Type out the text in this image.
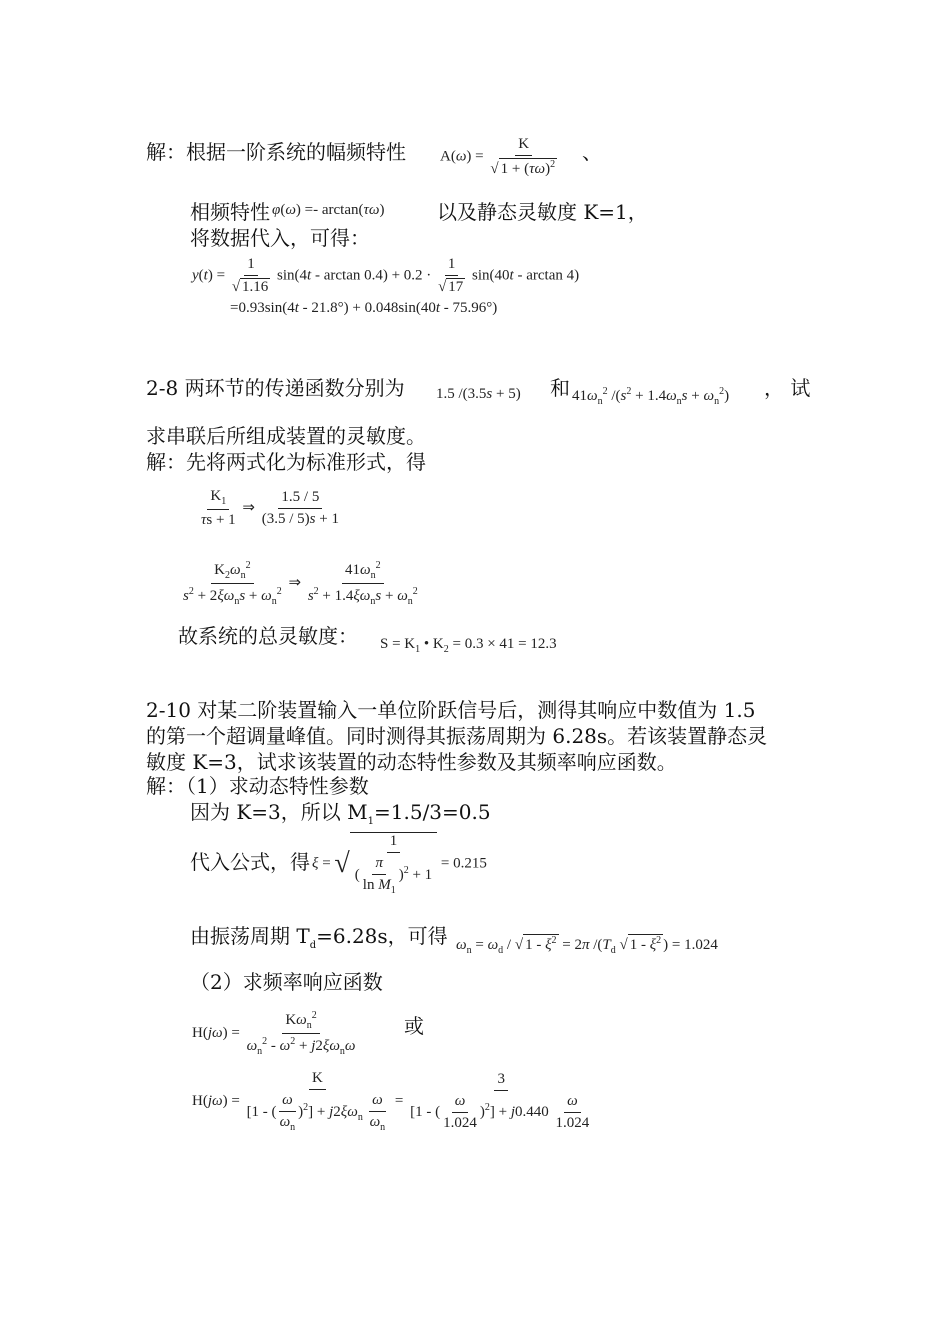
解：根据一阶系统的幅频特性 $A(\omega) = \frac{K}{√ 1 + (\tau\omega)^2}$ 、
相频特性 φ(ω) =- arctan(τω)	以及静态灵敏度 K=1，
将数据代入，可得：
$y(t) = \frac{1}{√ 1.16} \sin(4t - \arctan 0.4) + 0.2 \cdot \frac{1}{√ 17} \sin(40t - \arctan 4)$
=0.93sin(4t - 21.8°) + 0.048sin(40t - 75.96°)
2-8 两环节的传递函数分别为 1.5 /(3.5s + 5) 和 $41\omega_n^2$ $/(s^2 + 1.4\omega_ns + \omega_n^2)$ ， 试
求串联后所组成装置的灵敏度。
解：先将两式化为标准形式，得
$\frac{K_1}{\tau s + 1}$ ⇒ $\frac{1.5 / 5}{(3.5 / 5)s + 1}$
$\frac{K_2\omega_n^2}{s^2 + 2\xi\omega_ns + \omega_n^2}$ ⇒ $\frac{41\omega_n^2}{s^2 + 1.4\xi\omega_ns + \omega_n^2}$
故系统的总灵敏度： $S = K_1$ • $K_2 = 0.3 \times 41 = 12.3$
2-10 对某二阶装置输入一单位阶跃信号后，测得其响应中数值为 1.5
的第一个超调量峰值。同时测得其振荡周期为 6.28s。若该装置静态灵
敏度 K=3，试求该装置的动态特性参数及其频率响应函数。
解：（1）求动态特性参数
因为 K=3，所以 $M_1=1.5/3=0.5$
代入公式，得 ξ = √ $\frac{1}{( \frac{\pi}{\ln M_1} )^2 + 1} = 0.215$
由振荡周期 $T_d=6.28s$，可得 $\omega_n = \omega_d$ / √ $1 - \xi^2 = 2\pi$ $/(T_d$ √ $1 - \xi^2$ ) = 1.024
（2）求频率响应函数
$H(j\omega) = \frac{K\omega_n^2}{\omega_n^2 - \omega^2 + j2\xi\omega_n\omega}$ 或
$H(j\omega) = \frac{K}{[1 - ( \frac{\omega}{\omega_n} )^2] + j2\xi\omega_n \frac{\omega}{\omega_n}} = \frac{3}{[1 - ( \frac{\omega}{1.024} )^2] + j0.440 \frac{\omega}{1.024}}$
